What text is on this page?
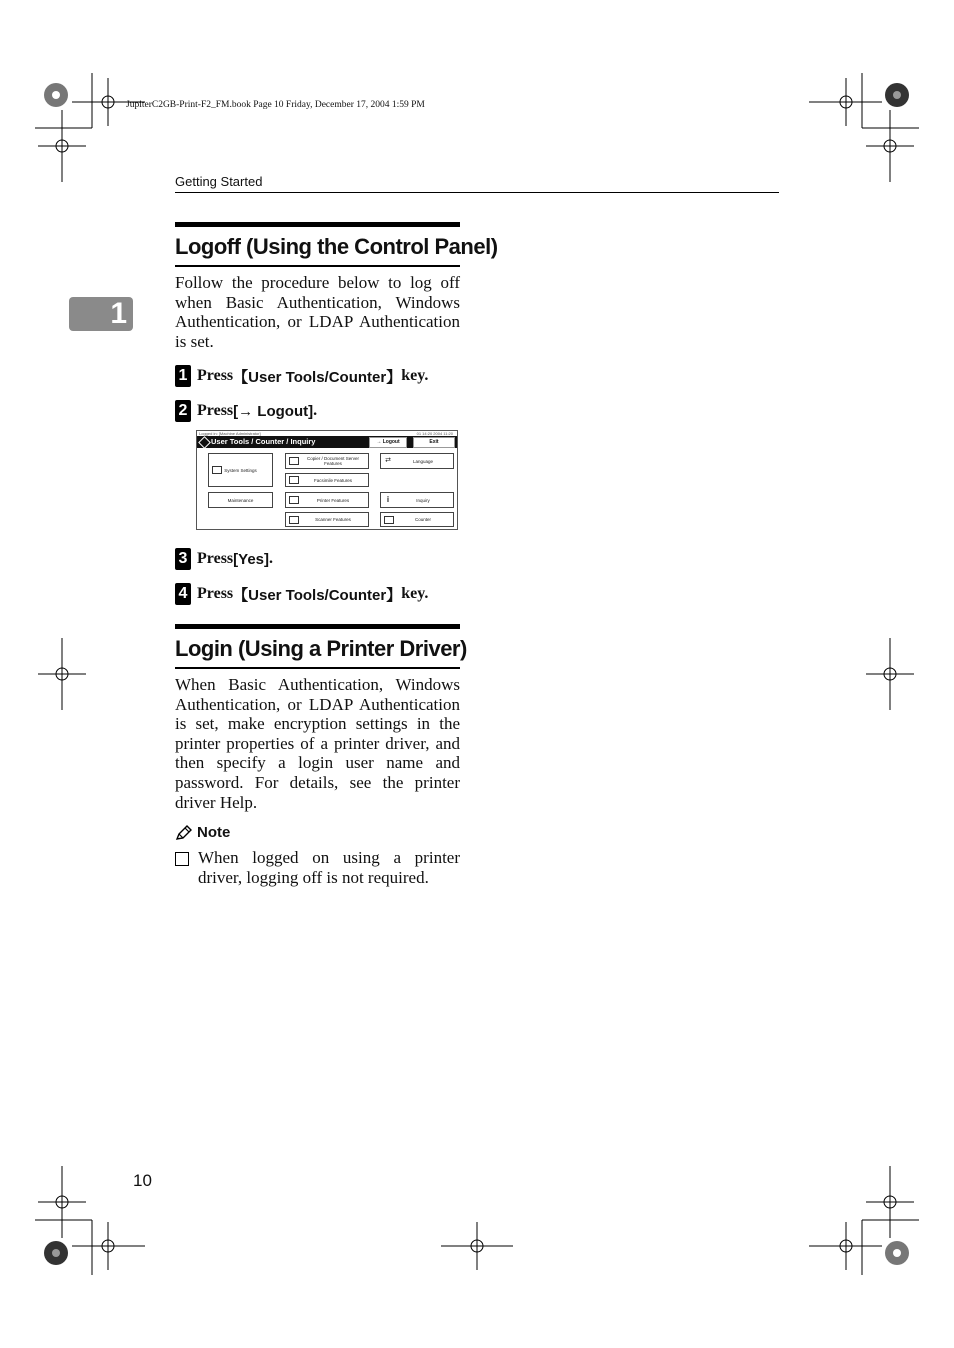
JupiterC2GB-Print-F2_FM.book Page 10 Friday, December 17, 2004 1:59 PM
Getting Started
1
Logoff (Using the Control Panel)
Follow the procedure below to log off when Basic Authentication, Windows Authentication, or LDAP Authentication is set.
1 Press 【User Tools/Counter】 key.
2 Press [→ Logout] .
Logged in: [Machine Administrator]	01 14:20 2004 11:20
User Tools / Counter / Inquiry	→ Logout	Exit
System Settings
Maintenance
Copier / Document Server Features
Facsimile Features
Printer Features
Scanner Features
⇄	Language
i	Inquiry
Counter
3 Press [Yes] .
4 Press 【User Tools/Counter】 key.
Login (Using a Printer Driver)
When Basic Authentication, Windows Authentication, or LDAP Authentication is set, make encryption settings in the printer properties of a printer driver, and then specify a login user name and password. For details, see the printer driver Help.
Note
When logged on using a printer driver, logging off is not required.
10
